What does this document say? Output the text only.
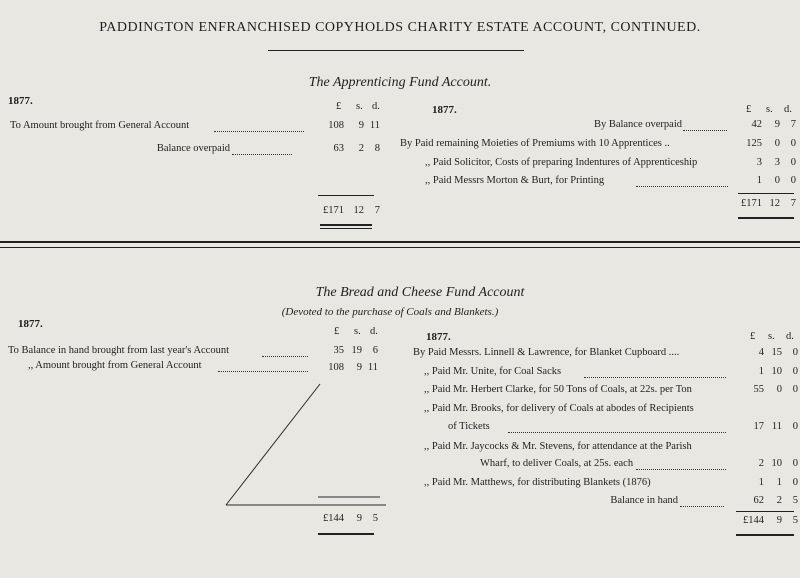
PADDINGTON ENFRANCHISED COPYHOLDS CHARITY ESTATE ACCOUNT, CONTINUED.
The Apprenticing Fund Account.
1877.	£ s. d.	1877.	£ s. d.
To Amount brought from General Account	108	9 11
Balance overpaid	63	2	8
£171 12	7
By Balance overpaid	42	9	7
By Paid remaining Moieties of Premiums with 10 Apprentices ..	125	0	0
,, Paid Solicitor, Costs of preparing Indentures of Apprenticeship	3	3	0
,, Paid Messrs Morton & Burt, for Printing	1	0	0
£171 12	7
The Bread and Cheese Fund Account
(Devoted to the purchase of Coals and Blankets.)
1877.
£ s. d.	1877.	£ s. d.
To Balance in hand brought from last year's Account	35 19	6
,, Amount brought from General Account	108	9 11
£144	9	5
By Paid Messrs. Linnell & Lawrence, for Blanket Cupboard ....	4 15	0
,, Paid Mr. Unite, for Coal Sacks	1 10	0
,, Paid Mr. Herbert Clarke, for 50 Tons of Coals, at 22s. per Ton	55	0	0
,, Paid Mr. Brooks, for delivery of Coals at abodes of Recipients
of Tickets	17 11	0
,, Paid Mr. Jaycocks & Mr. Stevens, for attendance at the Parish
Wharf, to deliver Coals, at 25s. each	2 10	0
,, Paid Mr. Matthews, for distributing Blankets (1876)	1	1	0
Balance in hand	62	2	5
£144	9	5
